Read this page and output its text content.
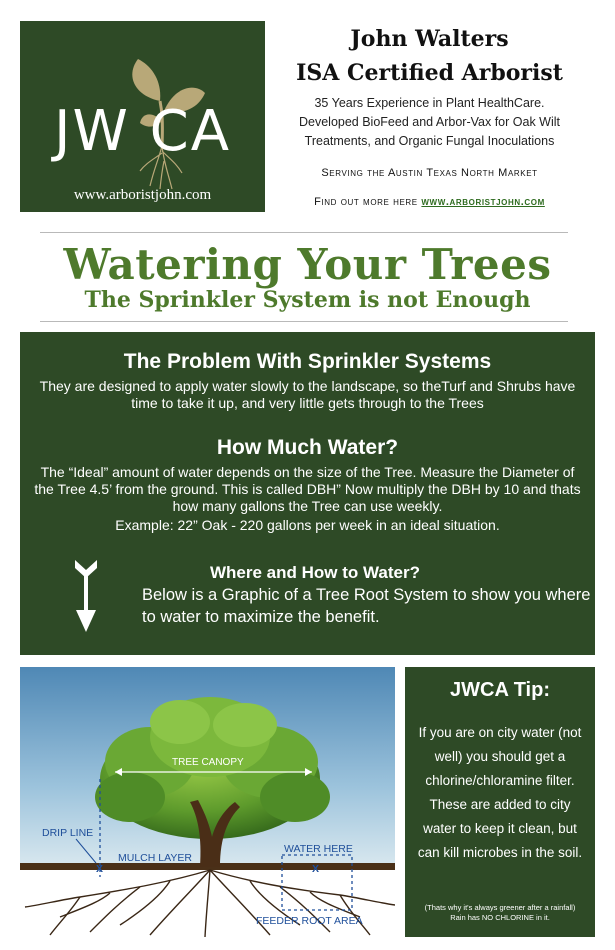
JW CA
www.arboristjohn.com
John Walters
ISA Certified Arborist
35 Years Experience in Plant HealthCare.
Developed BioFeed and Arbor-Vax for Oak Wilt
Treatments, and Organic Fungal Inoculations
Serving the Austin Texas North Market
Find out more here www.arboristjohn.com
Watering Your Trees
The Sprinkler System is not Enough
The Problem With Sprinkler Systems
They are designed to apply water slowly to the landscape, so theTurf and Shrubs have time to take it up, and very little gets through to the Trees
How Much Water?
The “Ideal” amount of water depends on the size of the Tree. Measure the Diameter of the Tree 4.5’ from the ground. This is called DBH” Now multiply the DBH by 10 and thats how many gallons the Tree can use weekly.
Example: 22” Oak - 220 gallons per week in an ideal situation.
Where and How to Water?
Below is a Graphic of a Tree Root System to show you where to water to maximize the benefit.
TREE CANOPY
DRIP LINE
MULCH LAYER
WATER HERE
FEEDER ROOT AREA
X	X
JWCA Tip:
If you are on city water (not well) you should get a chlorine/chloramine filter. These are added to city water to keep it clean, but can kill microbes in the soil.
(Thats why it's always greener after a rainfall)
Rain has NO CHLORINE in it.
